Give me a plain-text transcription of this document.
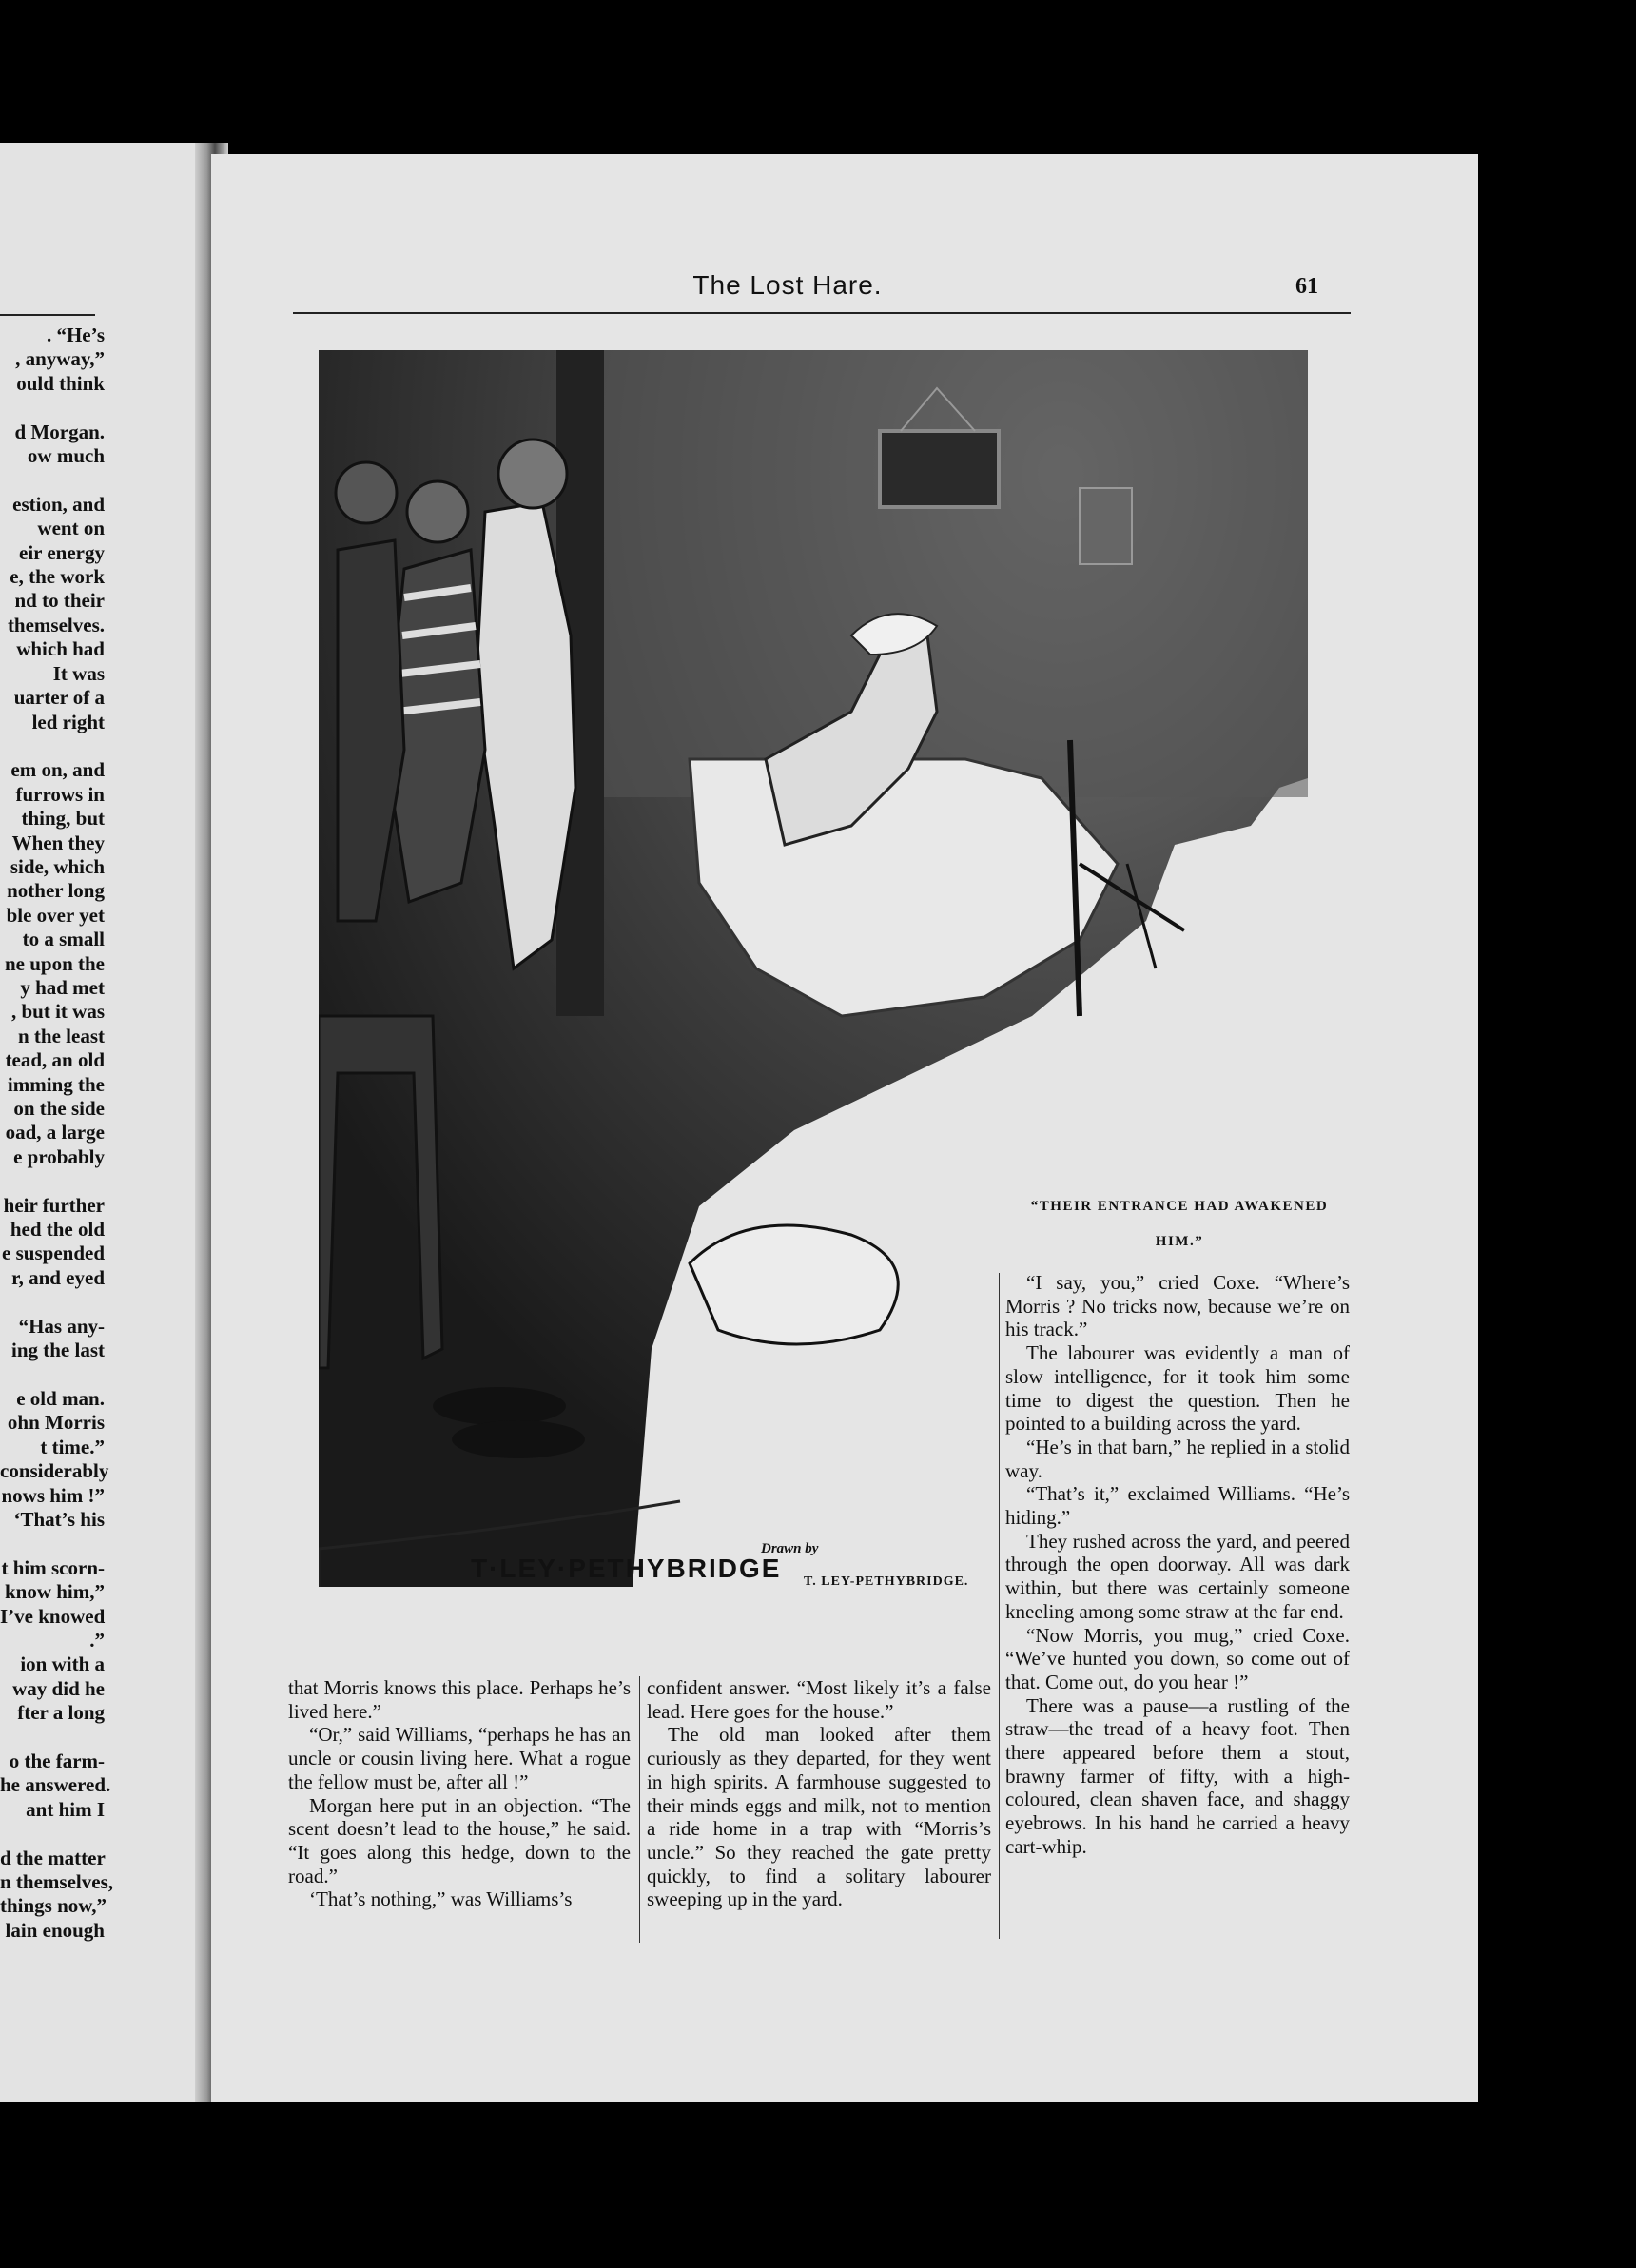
. “He’s
, anyway,”
ould think

d Morgan.
ow much

estion, and
went on
eir energy
e, the work
nd to their
themselves.
which had
It was
uarter of a
led right

em on, and
furrows in
thing, but
When they
side, which
nother long
ble over yet
to a small
ne upon the
y had met
, but it was
n the least
tead, an old
imming the
on the side
oad, a large
e probably

heir further
hed the old
e suspended
r, and eyed

“Has any-
ing the last

e old man.
ohn Morris
t time.”
considerably
nows him !”
‘That’s his

t him scorn-
know him,”
I’ve knowed
.”
ion with a
way did he
fter a long

o the farm-
he answered.
ant him I

d the matter
n themselves,
things now,”
lain enough
The Lost Hare.	61
T·LEY·PETHYBRIDGE
“THEIR ENTRANCE HAD AWAKENED
HIM.”
Drawn by
T. LEY-PETHYBRIDGE.

“I say, you,” cried Coxe. “Where’s Morris ? No tricks now, because we’re on his track.”

The labourer was evidently a man of slow intelligence, for it took him some time to digest the question. Then he pointed to a building across the yard.

“He’s in that barn,” he replied in a stolid way.

“That’s it,” exclaimed Williams. “He’s hiding.”

They rushed across the yard, and peered through the open doorway. All was dark within, but there was certainly someone kneeling among some straw at the far end.

“Now Morris, you mug,” cried Coxe. “We’ve hunted you down, so come out of that. Come out, do you hear !”

There was a pause—a rustling of the straw—the tread of a heavy foot. Then there appeared before them a stout, brawny farmer of fifty, with a high-coloured, clean shaven face, and shaggy eyebrows. In his hand he carried a heavy cart-whip.

that Morris knows this place. Perhaps he’s lived here.”

“Or,” said Williams, “perhaps he has an uncle or cousin living here. What a rogue the fellow must be, after all !”

Morgan here put in an objection. “The scent doesn’t lead to the house,” he said. “It goes along this hedge, down to the road.”

‘That’s nothing,” was Williams’s

confident answer. “Most likely it’s a false lead. Here goes for the house.”

The old man looked after them curiously as they departed, for they went in high spirits. A farmhouse suggested to their minds eggs and milk, not to mention a ride home in a trap with “Morris’s uncle.” So they reached the gate pretty quickly, to find a solitary labourer sweeping up in the yard.
